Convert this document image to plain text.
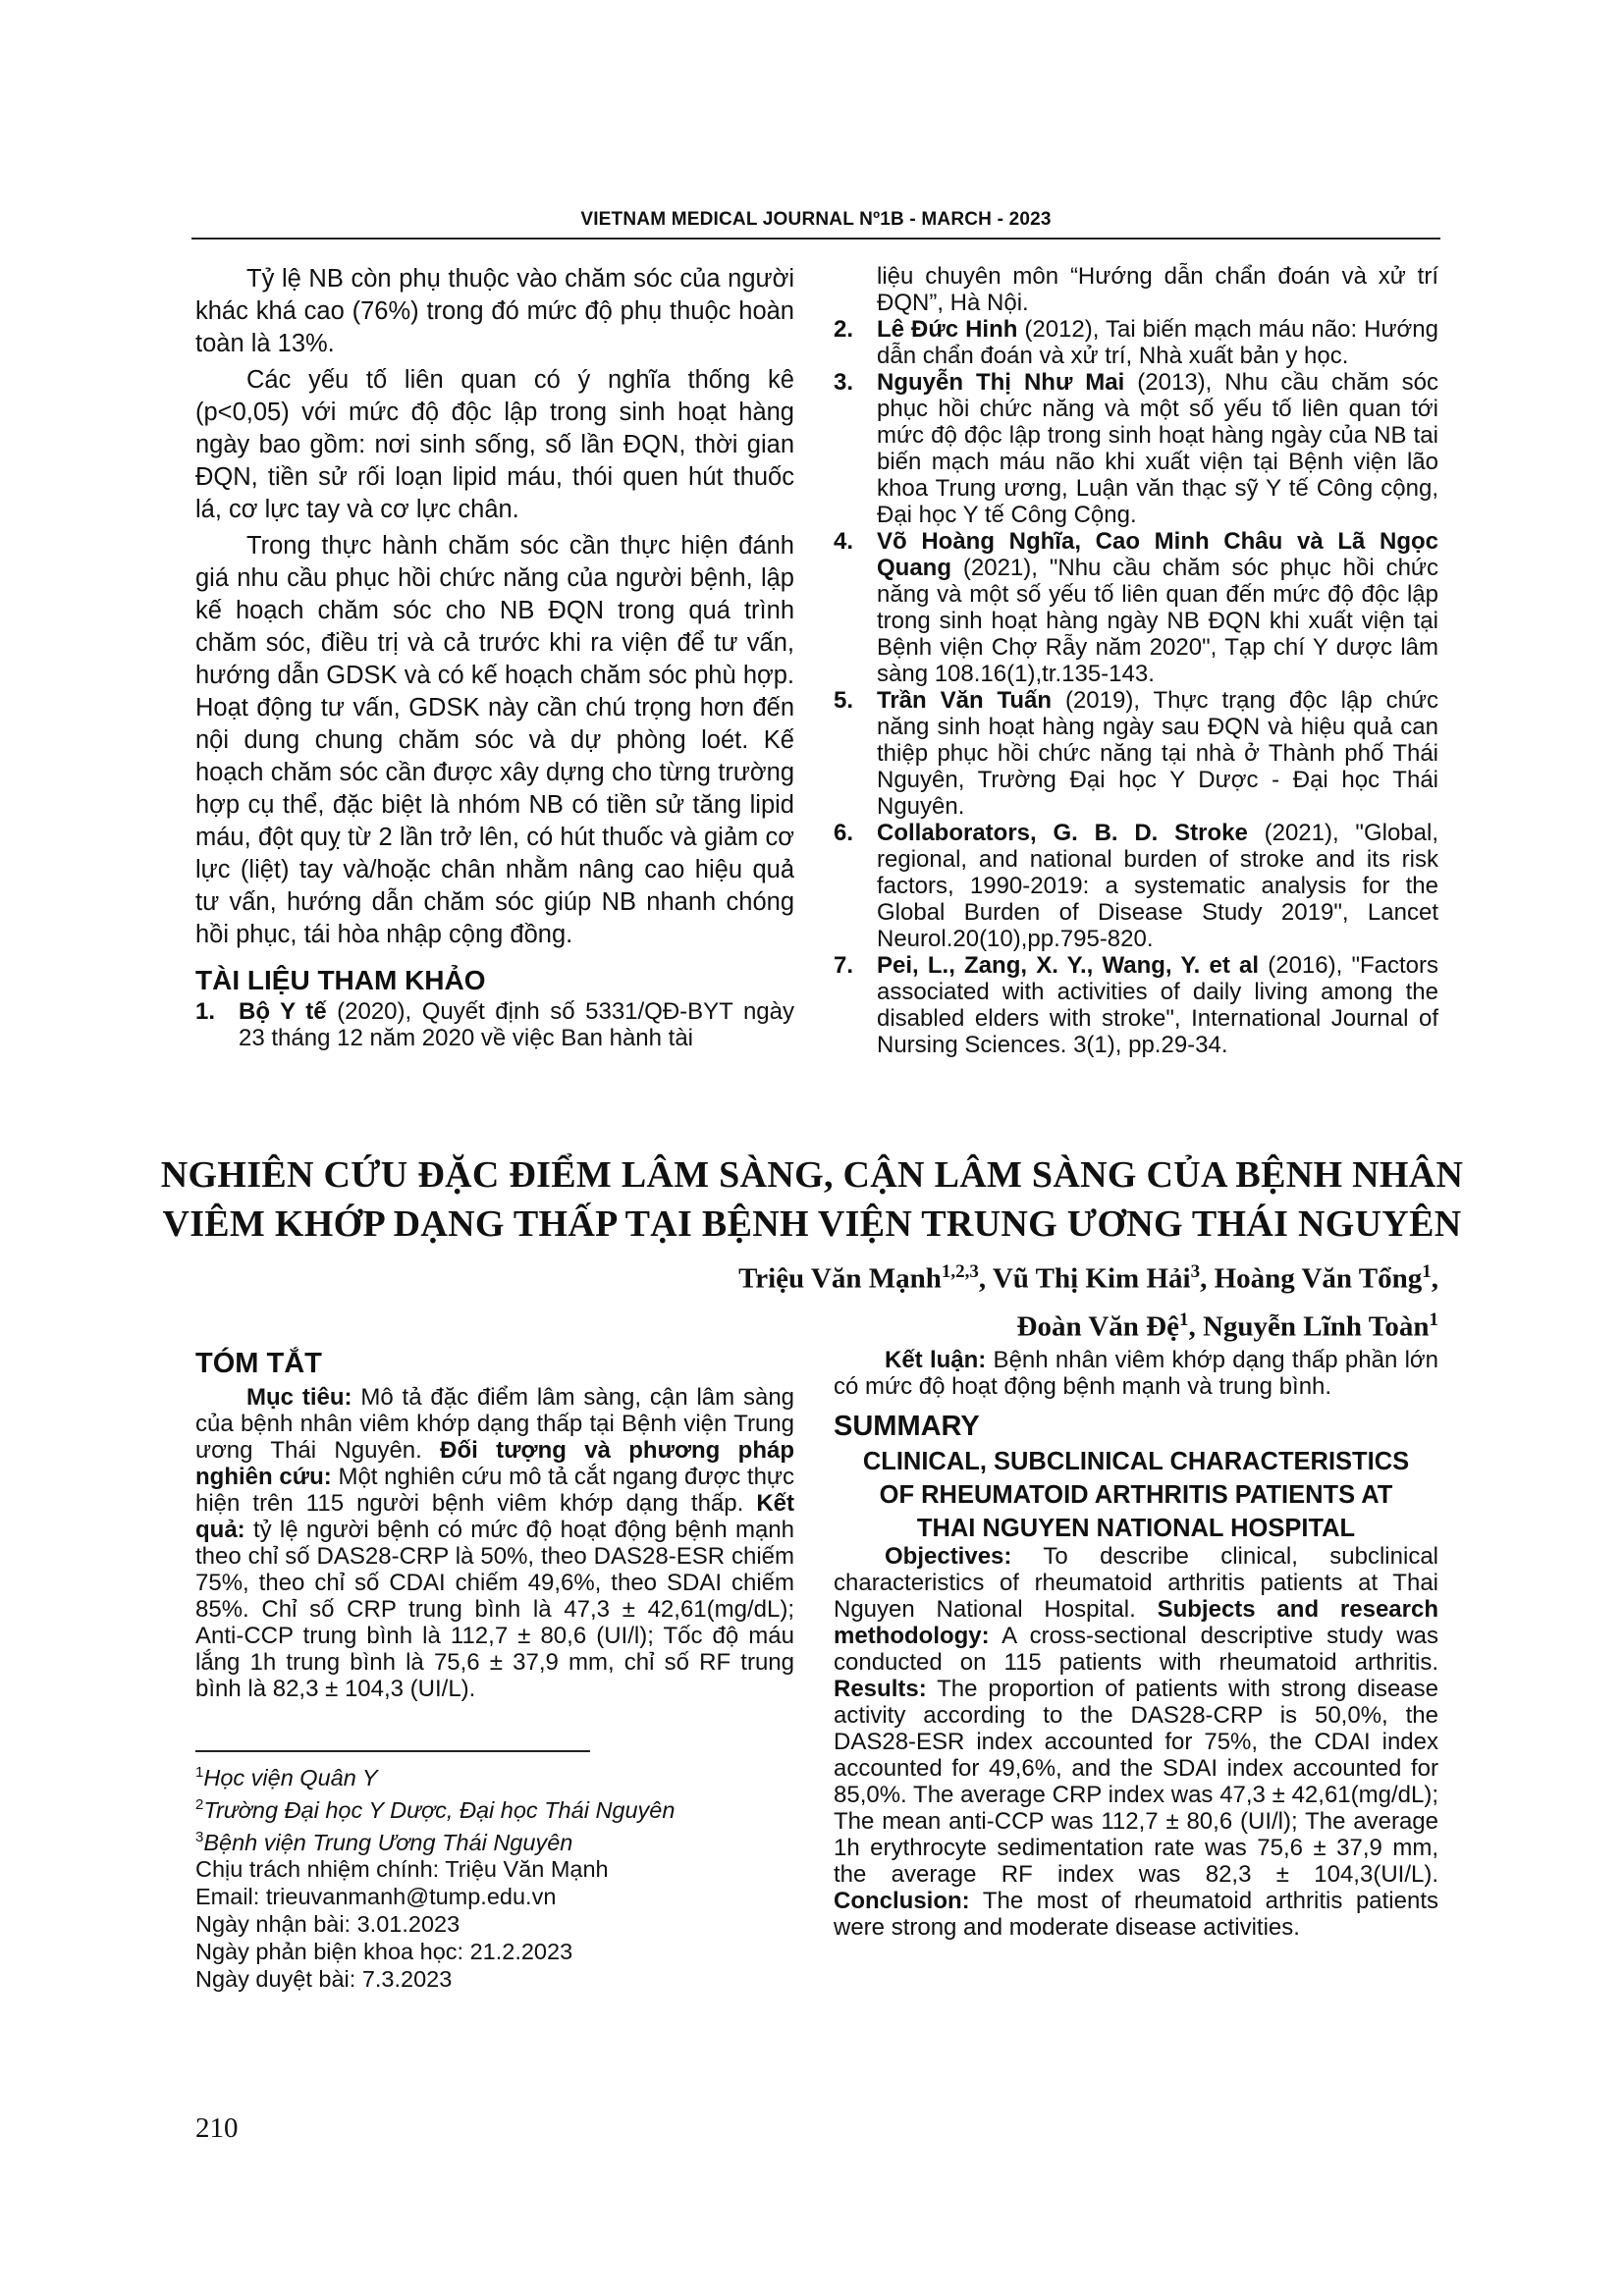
VIETNAM MEDICAL JOURNAL Nº1B - MARCH - 2023

Tỷ lệ NB còn phụ thuộc vào chăm sóc của người khác khá cao (76%) trong đó mức độ phụ thuộc hoàn toàn là 13%.

Các yếu tố liên quan có ý nghĩa thống kê (p<0,05) với mức độ độc lập trong sinh hoạt hàng ngày bao gồm: nơi sinh sống, số lần ĐQN, thời gian ĐQN, tiền sử rối loạn lipid máu, thói quen hút thuốc lá, cơ lực tay và cơ lực chân.

Trong thực hành chăm sóc cần thực hiện đánh giá nhu cầu phục hồi chức năng của người bệnh, lập kế hoạch chăm sóc cho NB ĐQN trong quá trình chăm sóc, điều trị và cả trước khi ra viện để tư vấn, hướng dẫn GDSK và có kế hoạch chăm sóc phù hợp. Hoạt động tư vấn, GDSK này cần chú trọng hơn đến nội dung chung chăm sóc và dự phòng loét. Kế hoạch chăm sóc cần được xây dựng cho từng trường hợp cụ thể, đặc biệt là nhóm NB có tiền sử tăng lipid máu, đột quỵ từ 2 lần trở lên, có hút thuốc và giảm cơ lực (liệt) tay và/hoặc chân nhằm nâng cao hiệu quả tư vấn, hướng dẫn chăm sóc giúp NB nhanh chóng hồi phục, tái hòa nhập cộng đồng.

TÀI LIỆU THAM KHẢO
1. Bộ Y tế (2020), Quyết định số 5331/QĐ-BYT ngày 23 tháng 12 năm 2020 về việc Ban hành tài
liệu chuyên môn “Hướng dẫn chẩn đoán và xử trí ĐQN”, Hà Nội.
2. Lê Đức Hinh (2012), Tai biến mạch máu não: Hướng dẫn chẩn đoán và xử trí, Nhà xuất bản y học.
3. Nguyễn Thị Như Mai (2013), Nhu cầu chăm sóc phục hồi chức năng và một số yếu tố liên quan tới mức độ độc lập trong sinh hoạt hàng ngày của NB tai biến mạch máu não khi xuất viện tại Bệnh viện lão khoa Trung ương, Luận văn thạc sỹ Y tế Công cộng, Đại học Y tế Công Cộng.
4. Võ Hoàng Nghĩa, Cao Minh Châu và Lã Ngọc Quang (2021), "Nhu cầu chăm sóc phục hồi chức năng và một số yếu tố liên quan đến mức độ độc lập trong sinh hoạt hàng ngày NB ĐQN khi xuất viện tại Bệnh viện Chợ Rẫy năm 2020", Tạp chí Y dược lâm sàng 108.16(1),tr.135-143.
5. Trần Văn Tuấn (2019), Thực trạng độc lập chức năng sinh hoạt hàng ngày sau ĐQN và hiệu quả can thiệp phục hồi chức năng tại nhà ở Thành phố Thái Nguyên, Trường Đại học Y Dược - Đại học Thái Nguyên.
6. Collaborators, G. B. D. Stroke (2021), "Global, regional, and national burden of stroke and its risk factors, 1990-2019: a systematic analysis for the Global Burden of Disease Study 2019", Lancet Neurol.20(10),pp.795-820.
7. Pei, L., Zang, X. Y., Wang, Y. et al (2016), "Factors associated with activities of daily living among the disabled elders with stroke", International Journal of Nursing Sciences. 3(1), pp.29-34.
NGHIÊN CỨU ĐẶC ĐIỂM LÂM SÀNG, CẬN LÂM SÀNG CỦA BỆNH NHÂN
VIÊM KHỚP DẠNG THẤP TẠI BỆNH VIỆN TRUNG ƯƠNG THÁI NGUYÊN
Triệu Văn Mạnh$^{1,2,3}$, Vũ Thị Kim Hải$^3$, Hoàng Văn Tổng$^1$,
Đoàn Văn Đệ$^1$, Nguyễn Lĩnh Toàn$^1$
TÓM TẮT

Mục tiêu: Mô tả đặc điểm lâm sàng, cận lâm sàng của bệnh nhân viêm khớp dạng thấp tại Bệnh viện Trung ương Thái Nguyên. Đối tượng và phương pháp nghiên cứu: Một nghiên cứu mô tả cắt ngang được thực hiện trên 115 người bệnh viêm khớp dạng thấp. Kết quả: tỷ lệ người bệnh có mức độ hoạt động bệnh mạnh theo chỉ số DAS28-CRP là 50%, theo DAS28-ESR chiếm 75%, theo chỉ số CDAI chiếm 49,6%, theo SDAI chiếm 85%. Chỉ số CRP trung bình là 47,3 ± 42,61(mg/dL); Anti-CCP trung bình là 112,7 ± 80,6 (UI/l); Tốc độ máu lắng 1h trung bình là 75,6 ± 37,9 mm, chỉ số RF trung bình là 82,3 ± 104,3 (UI/L).

Kết luận: Bệnh nhân viêm khớp dạng thấp phần lớn có mức độ hoạt động bệnh mạnh và trung bình.

SUMMARY
CLINICAL, SUBCLINICAL CHARACTERISTICS
OF RHEUMATOID ARTHRITIS PATIENTS AT
THAI NGUYEN NATIONAL HOSPITAL

Objectives: To describe clinical, subclinical characteristics of rheumatoid arthritis patients at Thai Nguyen National Hospital. Subjects and research methodology: A cross-sectional descriptive study was conducted on 115 patients with rheumatoid arthritis. Results: The proportion of patients with strong disease activity according to the DAS28-CRP is 50,0%, the DAS28-ESR index accounted for 75%, the CDAI index accounted for 49,6%, and the SDAI index accounted for 85,0%. The average CRP index was 47,3 ± 42,61(mg/dL); The mean anti-CCP was 112,7 ± 80,6 (UI/l); The average 1h erythrocyte sedimentation rate was 75,6 ± 37,9 mm, the average RF index was 82,3 ± 104,3(UI/L). Conclusion: The most of rheumatoid arthritis patients were strong and moderate disease activities.

$^1$Học viện Quân Y
$^2$Trường Đại học Y Dược, Đại học Thái Nguyên
$^3$Bệnh viện Trung Ương Thái Nguyên
Chịu trách nhiệm chính: Triệu Văn Mạnh
Email: trieuvanmanh@tump.edu.vn
Ngày nhận bài: 3.01.2023
Ngày phản biện khoa học: 21.2.2023
Ngày duyệt bài: 7.3.2023
210
